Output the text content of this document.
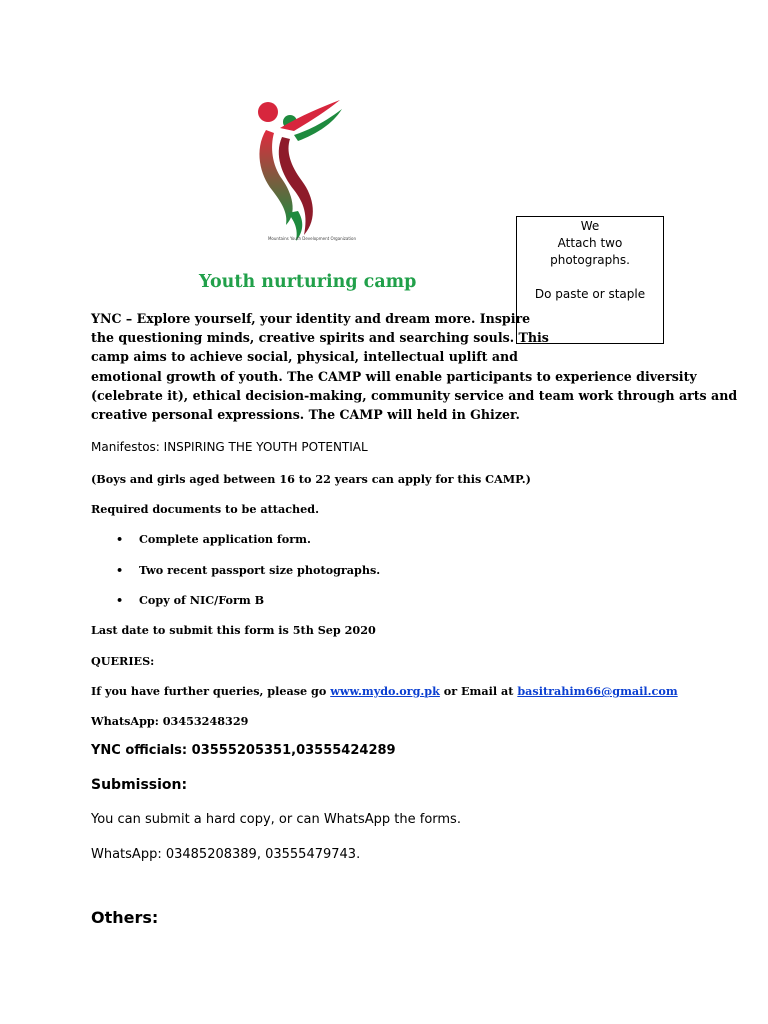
Mountains Youth Development Organization
We
Attach two
photographs.
Do paste or staple
Youth nurturing camp
YNC – Explore yourself, your identity and dream more. Inspire
the questioning minds, creative spirits and searching souls. This
camp aims to achieve social, physical, intellectual uplift and
emotional growth of youth. The CAMP will enable participants to experience diversity
(celebrate it), ethical decision-making, community service and team work through arts and
creative personal expressions. The CAMP will held in Ghizer.
Manifestos: INSPIRING THE YOUTH POTENTIAL
(Boys and girls aged between 16 to 22 years can apply for this CAMP.)
Required documents to be attached.
• Complete application form.
• Two recent passport size photographs.
• Copy of NIC/Form B
Last date to submit this form is 5th Sep 2020
QUERIES:
If you have further queries, please go www.mydo.org.pk or Email at basitrahim66@gmail.com
WhatsApp: 03453248329
YNC officials: 03555205351,03555424289
Submission:
You can submit a hard copy, or can WhatsApp the forms.
WhatsApp: 03485208389, 03555479743.
Others:
